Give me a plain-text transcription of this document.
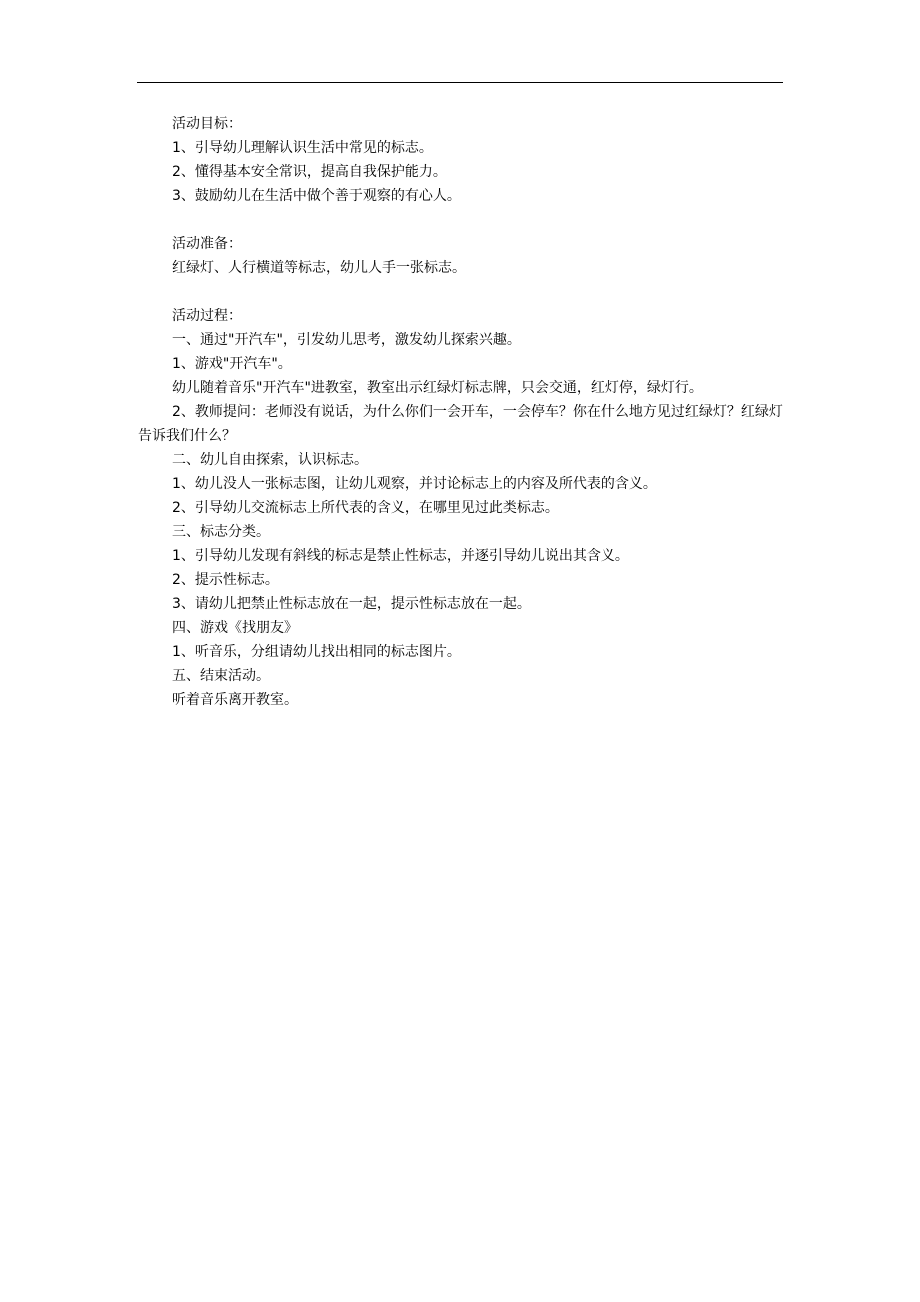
活动目标：

1、引导幼儿理解认识生活中常见的标志。

2、懂得基本安全常识，提高自我保护能力。

3、鼓励幼儿在生活中做个善于观察的有心人。

活动准备：

红绿灯、人行横道等标志，幼儿人手一张标志。

活动过程：

一、通过"开汽车"，引发幼儿思考，激发幼儿探索兴趣。

1、游戏"开汽车"。

幼儿随着音乐"开汽车"进教室，教室出示红绿灯标志牌，只会交通，红灯停，绿灯行。

2、教师提问：老师没有说话，为什么你们一会开车，一会停车？你在什么地方见过红绿灯？红绿灯告诉我们什么？

二、幼儿自由探索，认识标志。

1、幼儿没人一张标志图，让幼儿观察，并讨论标志上的内容及所代表的含义。

2、引导幼儿交流标志上所代表的含义，在哪里见过此类标志。

三、标志分类。

1、引导幼儿发现有斜线的标志是禁止性标志，并逐引导幼儿说出其含义。

2、提示性标志。

3、请幼儿把禁止性标志放在一起，提示性标志放在一起。

四、游戏《找朋友》

1、听音乐，分组请幼儿找出相同的标志图片。

五、结束活动。

听着音乐离开教室。
